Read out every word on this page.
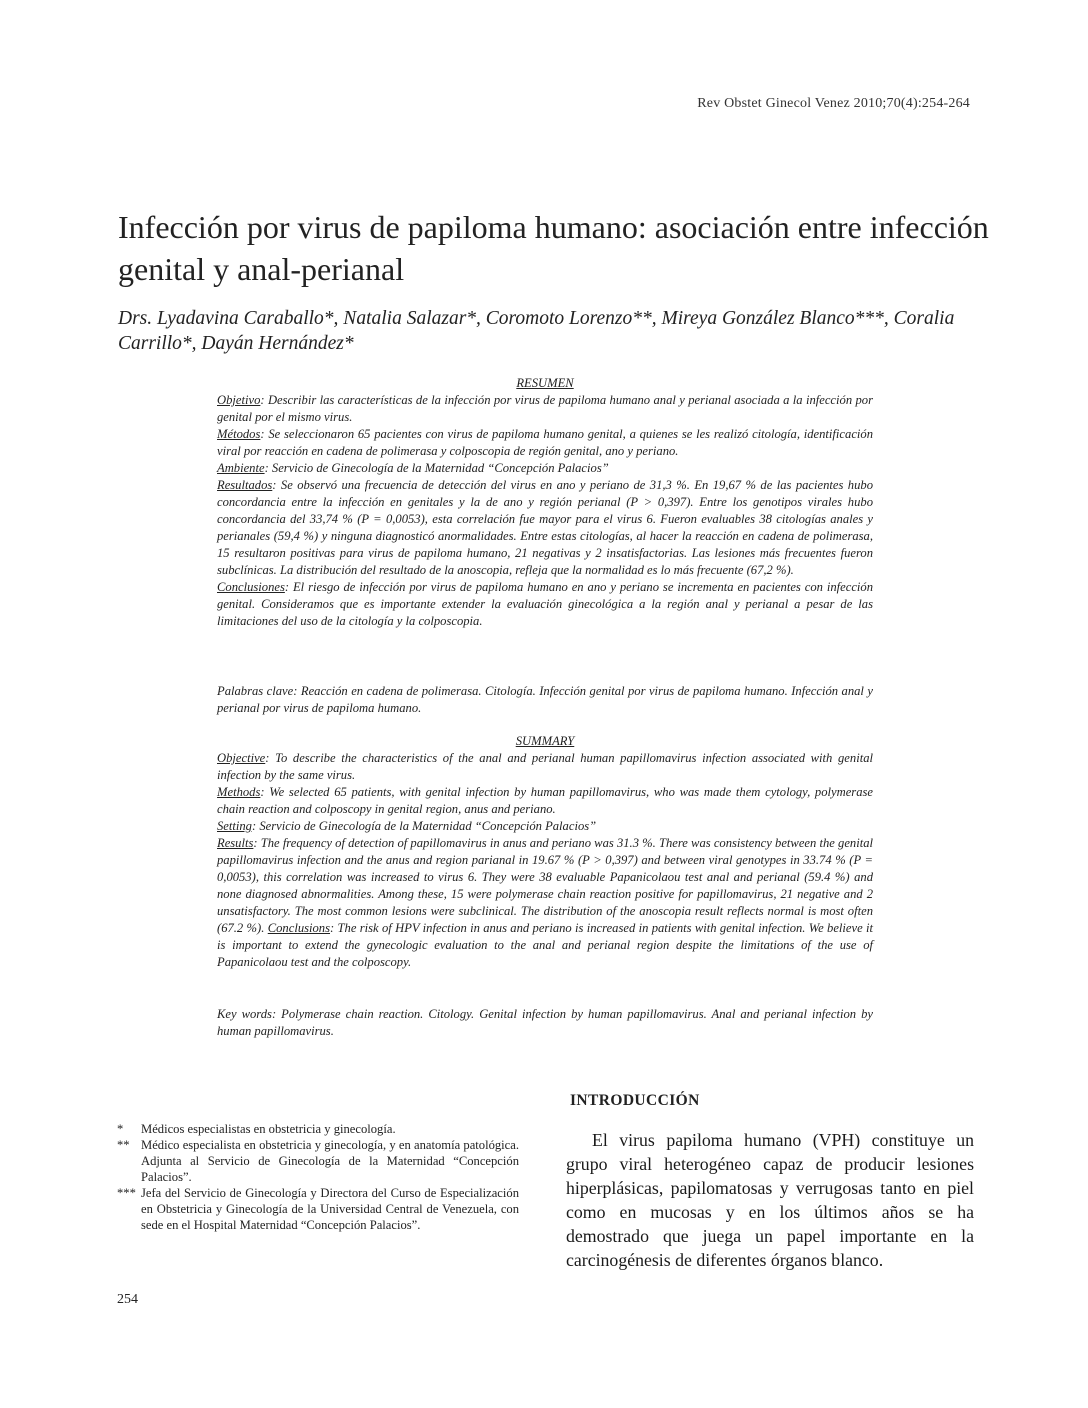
Rev Obstet Ginecol Venez 2010;70(4):254-264
Infección por virus de papiloma humano: asociación entre infección genital y anal-perianal
Drs. Lyadavina Caraballo*, Natalia Salazar*, Coromoto Lorenzo**, Mireya González Blanco***, Coralia Carrillo*, Dayán Hernández*

RESUMEN

Objetivo: Describir las características de la infección por virus de papiloma humano anal y perianal asociada a la infección por genital por el mismo virus.

Métodos: Se seleccionaron 65 pacientes con virus de papiloma humano genital, a quienes se les realizó citología, identificación viral por reacción en cadena de polimerasa y colposcopia de región genital, ano y periano.

Ambiente: Servicio de Ginecología de la Maternidad “Concepción Palacios”

Resultados: Se observó una frecuencia de detección del virus en ano y periano de 31,3 %. En 19,67 % de las pacientes hubo concordancia entre la infección en genitales y la de ano y región perianal (P > 0,397). Entre los genotipos virales hubo concordancia del 33,74 % (P = 0,0053), esta correlación fue mayor para el virus 6. Fueron evaluables 38 citologías anales y perianales (59,4 %) y ninguna diagnosticó anormalidades. Entre estas citologías, al hacer la reacción en cadena de polimerasa, 15 resultaron positivas para virus de papiloma humano, 21 negativas y 2 insatisfactorias. Las lesiones más frecuentes fueron subclínicas. La distribución del resultado de la anoscopia, refleja que la normalidad es lo más frecuente (67,2 %).
Conclusiones: El riesgo de infección por virus de papiloma humano en ano y periano se incrementa en pacientes con infección genital. Consideramos que es importante extender la evaluación ginecológica a la región anal y perianal a pesar de las limitaciones del uso de la citología y la colposcopia.

Palabras clave: Reacción en cadena de polimerasa. Citología. Infección genital por virus de papiloma humano. Infección anal y perianal por virus de papiloma humano.

SUMMARY

Objective: To describe the characteristics of the anal and perianal human papillomavirus infection associated with genital infection by the same virus.

Methods: We selected 65 patients, with genital infection by human papillomavirus, who was made them cytology, polymerase chain reaction and colposcopy in genital region, anus and periano.

Setting: Servicio de Ginecología de la Maternidad “Concepción Palacios”

Results: The frequency of detection of papillomavirus in anus and periano was 31.3 %. There was consistency between the genital papillomavirus infection and the anus and region parianal in 19.67 % (P > 0,397) and between viral genotypes in 33.74 % (P = 0,0053), this correlation was increased to virus 6. They were 38 evaluable Papanicolaou test anal and perianal (59.4 %) and none diagnosed abnormalities. Among these, 15 were polymerase chain reaction positive for papillomavirus, 21 negative and 2 unsatisfactory. The most common lesions were subclinical. The distribution of the anoscopia result reflects normal is most often (67.2 %). Conclusions: The risk of HPV infection in anus and periano is increased in patients with genital infection. We believe it is important to extend the gynecologic evaluation to the anal and perianal region despite the limitations of the use of Papanicolaou test and the colposcopy.

Key words: Polymerase chain reaction. Citology. Genital infection by human papillomavirus. Anal and perianal infection by human papillomavirus.
INTRODUCCIÓN

El virus papiloma humano (VPH) constituye un grupo viral heterogéneo capaz de producir lesiones hiperplásicas, papilomatosas y verrugosas tanto en piel como en mucosas y en los últimos años se ha demostrado que juega un papel importante en la carcinogénesis de diferentes órganos blanco.

*	Médicos especialistas en obstetricia y ginecología.
** Médico especialista en obstetricia y ginecología, y en anatomía patológica. Adjunta al Servicio de Ginecología de la Maternidad “Concepción Palacios”.
*** Jefa del Servicio de Ginecología y Directora del Curso de Especialización en Obstetricia y Ginecología de la Universidad Central de Venezuela, con sede en el Hospital Maternidad “Concepción Palacios”.
254
